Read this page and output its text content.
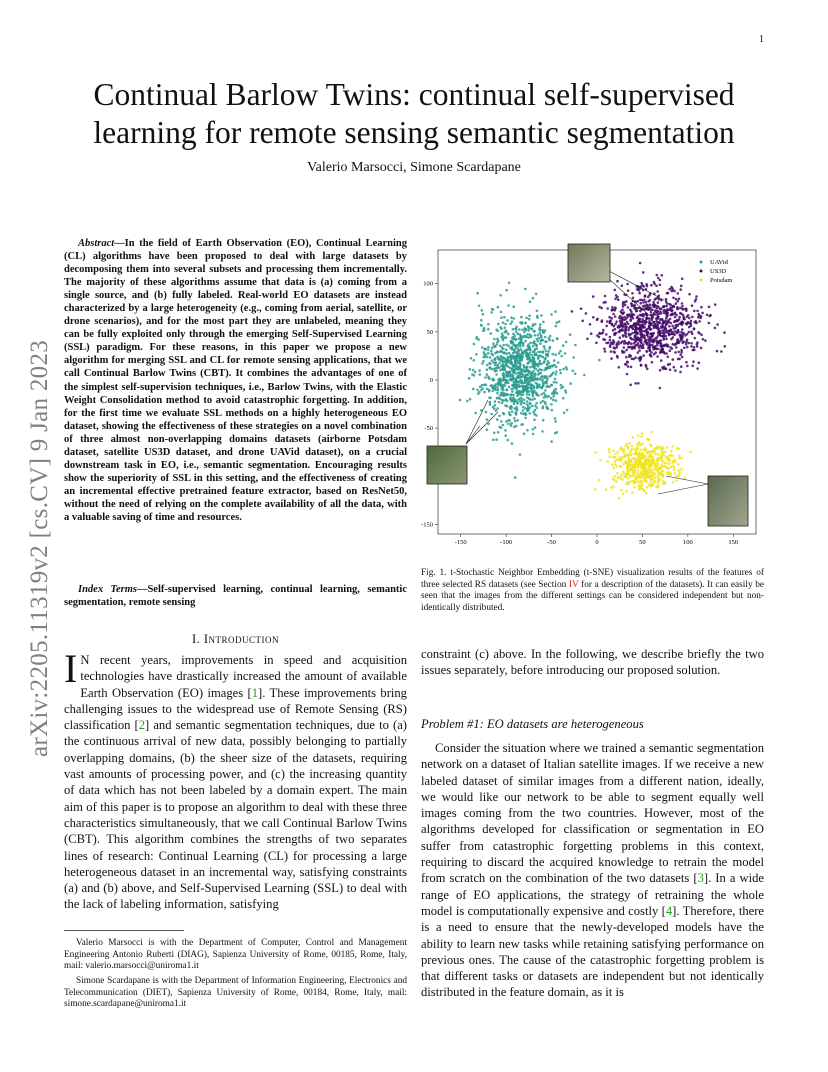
1
arXiv:2205.11319v2 [cs.CV] 9 Jan 2023
Continual Barlow Twins: continual self-supervised
learning for remote sensing semantic segmentation
Valerio Marsocci, Simone Scardapane

Abstract—In the field of Earth Observation (EO), Continual Learning (CL) algorithms have been proposed to deal with large datasets by decomposing them into several subsets and processing them incrementally. The majority of these algorithms assume that data is (a) coming from a single source, and (b) fully labeled. Real-world EO datasets are instead characterized by a large heterogeneity (e.g., coming from aerial, satellite, or drone scenarios), and for the most part they are unlabeled, meaning they can be fully exploited only through the emerging Self-Supervised Learning (SSL) paradigm. For these reasons, in this paper we propose a new algorithm for merging SSL and CL for remote sensing applications, that we call Continual Barlow Twins (CBT). It combines the advantages of one of the simplest self-supervision techniques, i.e., Barlow Twins, with the Elastic Weight Consolidation method to avoid catastrophic forgetting. In addition, for the first time we evaluate SSL methods on a highly heterogeneous EO dataset, showing the effectiveness of these strategies on a novel combination of three almost non-overlapping domains datasets (airborne Potsdam dataset, satellite US3D dataset, and drone UAVid dataset), on a crucial downstream task in EO, i.e., semantic segmentation. Encouraging results show the superiority of SSL in this setting, and the effectiveness of creating an incremental effective pretrained feature extractor, based on ResNet50, without the need of relying on the complete availability of all the data, with a valuable saving of time and resources.

Index Terms—Self-supervised learning, continual learning, semantic segmentation, remote sensing

I. Introduction

I N recent years, improvements in speed and acquisition technologies have drastically increased the amount of available Earth Observation (EO) images [1]. These improvements bring challenging issues to the widespread use of Remote Sensing (RS) classification [2] and semantic segmentation techniques, due to (a) the continuous arrival of new data, possibly belonging to partially overlapping domains, (b) the sheer size of the datasets, requiring vast amounts of processing power, and (c) the increasing quantity of data which has not been labeled by a domain expert. The main aim of this paper is to propose an algorithm to deal with these three characteristics simultaneously, that we call Continual Barlow Twins (CBT). This algorithm combines the strengths of two separates lines of research: Continual Learning (CL) for processing a large heterogeneous dataset in an incremental way, satisfying constraints (a) and (b) above, and Self-Supervised Learning (SSL) to deal with the lack of labeling information, satisfying

Valerio Marsocci is with the Department of Computer, Control and Management Engineering Antonio Ruberti (DIAG), Sapienza University of Rome, 00185, Rome, Italy, mail: valerio.marsocci@uniroma1.it

Simone Scardapane is with the Department of Information Engineering, Electronics and Telecommunication (DIET), Sapienza University of Rome, 00184, Rome, Italy, mail: simone.scardapane@uniroma1.it

-150	-100	-50	0	50	100	150
100
50
0
-50
-150
UAVid
US3D
Potsdam

Fig. 1. t-Stochastic Neighbor Embedding (t-SNE) visualization results of the features of three selected RS datasets (see Section IV for a description of the datasets). It can easily be seen that the images from the different settings can be considered independent but non-identically distributed.

constraint (c) above. In the following, we describe briefly the two issues separately, before introducing our proposed solution.

Problem #1: EO datasets are heterogeneous

Consider the situation where we trained a semantic segmentation network on a dataset of Italian satellite images. If we receive a new labeled dataset of similar images from a different nation, ideally, we would like our network to be able to segment equally well images coming from the two countries. However, most of the algorithms developed for classification or segmentation in EO suffer from catastrophic forgetting problems in this context, requiring to discard the acquired knowledge to retrain the model from scratch on the combination of the two datasets [3]. In a wide range of EO applications, the strategy of retraining the whole model is computationally expensive and costly [4]. Therefore, there is a need to ensure that the newly-developed models have the ability to learn new tasks while retaining satisfying performance on previous ones. The cause of the catastrophic forgetting problem is that different tasks or datasets are independent but not identically distributed in the feature domain, as it is
